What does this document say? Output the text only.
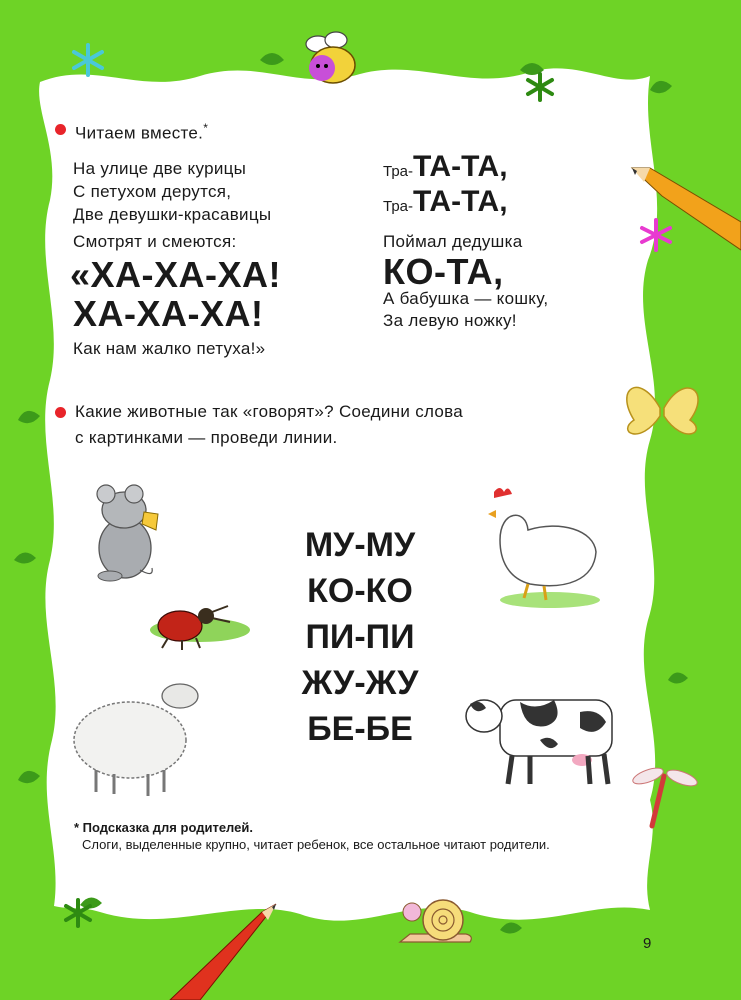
Читаем вместе.*
На улице две курицы
С петухом дерутся,
Две девушки-красавицы
Смотрят и смеются:
«ХА-ХА-ХА!
ХА-ХА-ХА!
Как нам жалко петуха!»
Тра-ТА-ТА,
Тра-ТА-ТА,
Поймал дедушка
КО-ТА,
А бабушка — кошку,
За левую ножку!
Какие животные так «говорят»? Соедини слова
с картинками — проведи линии.
МУ-МУ
КО-КО
ПИ-ПИ
ЖУ-ЖУ
БЕ-БЕ
* Подсказка для родителей.
Слоги, выделенные крупно, читает ребенок, все остальное читают родители.
9
